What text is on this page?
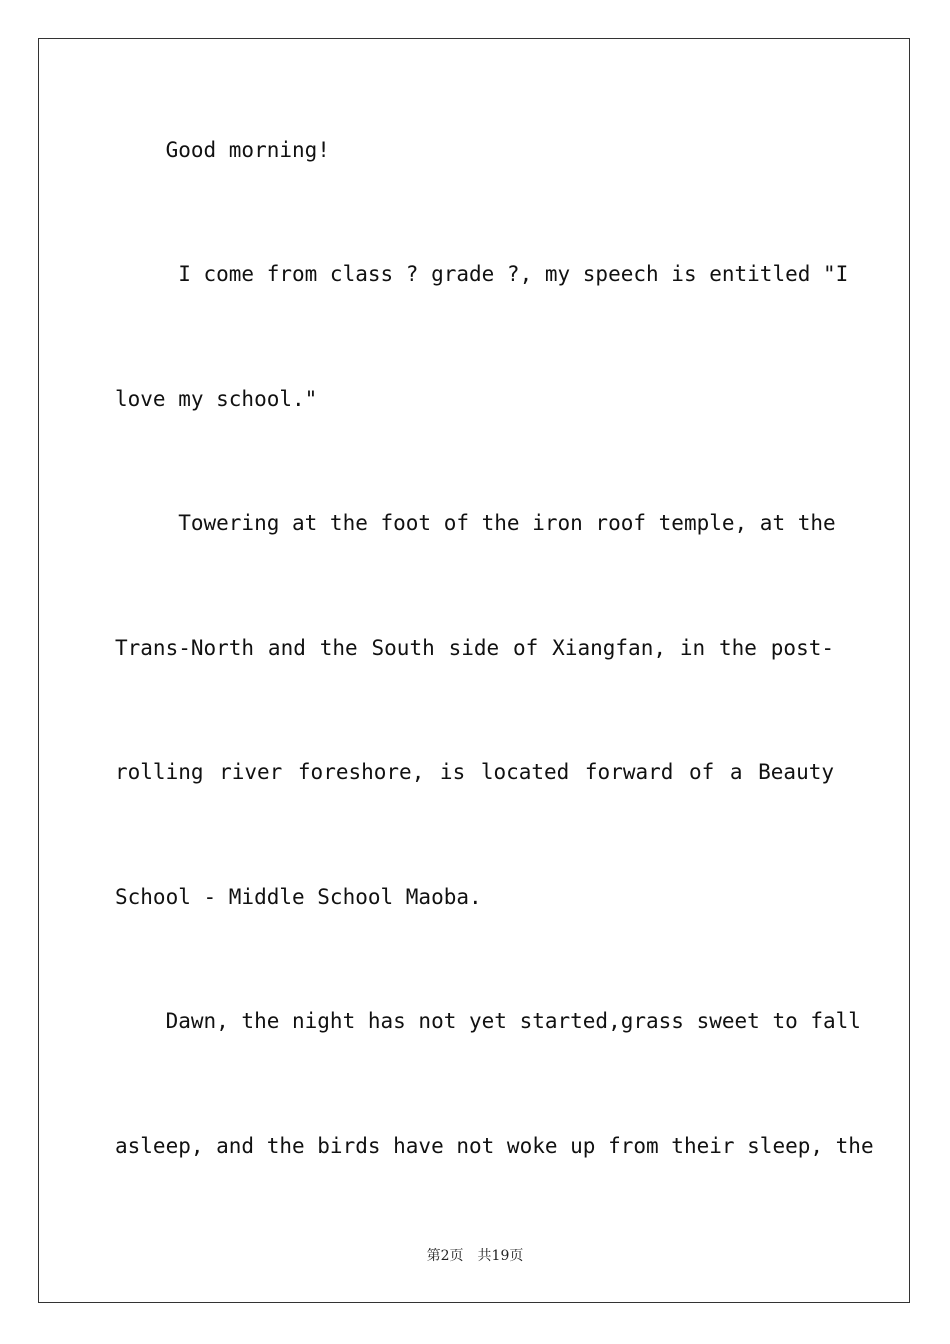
Good morning!

I come from class ? grade ?, my speech is entitled "I

love my school."

Towering at the foot of the iron roof temple, at the

Trans-North and the South side of Xiangfan, in the post-

rolling river foreshore, is located forward of a Beauty

School - Middle School Maoba.

Dawn, the night has not yet started,grass sweet to fall

asleep, and the birds have not woke up from their sleep, the

第2页 共19页
